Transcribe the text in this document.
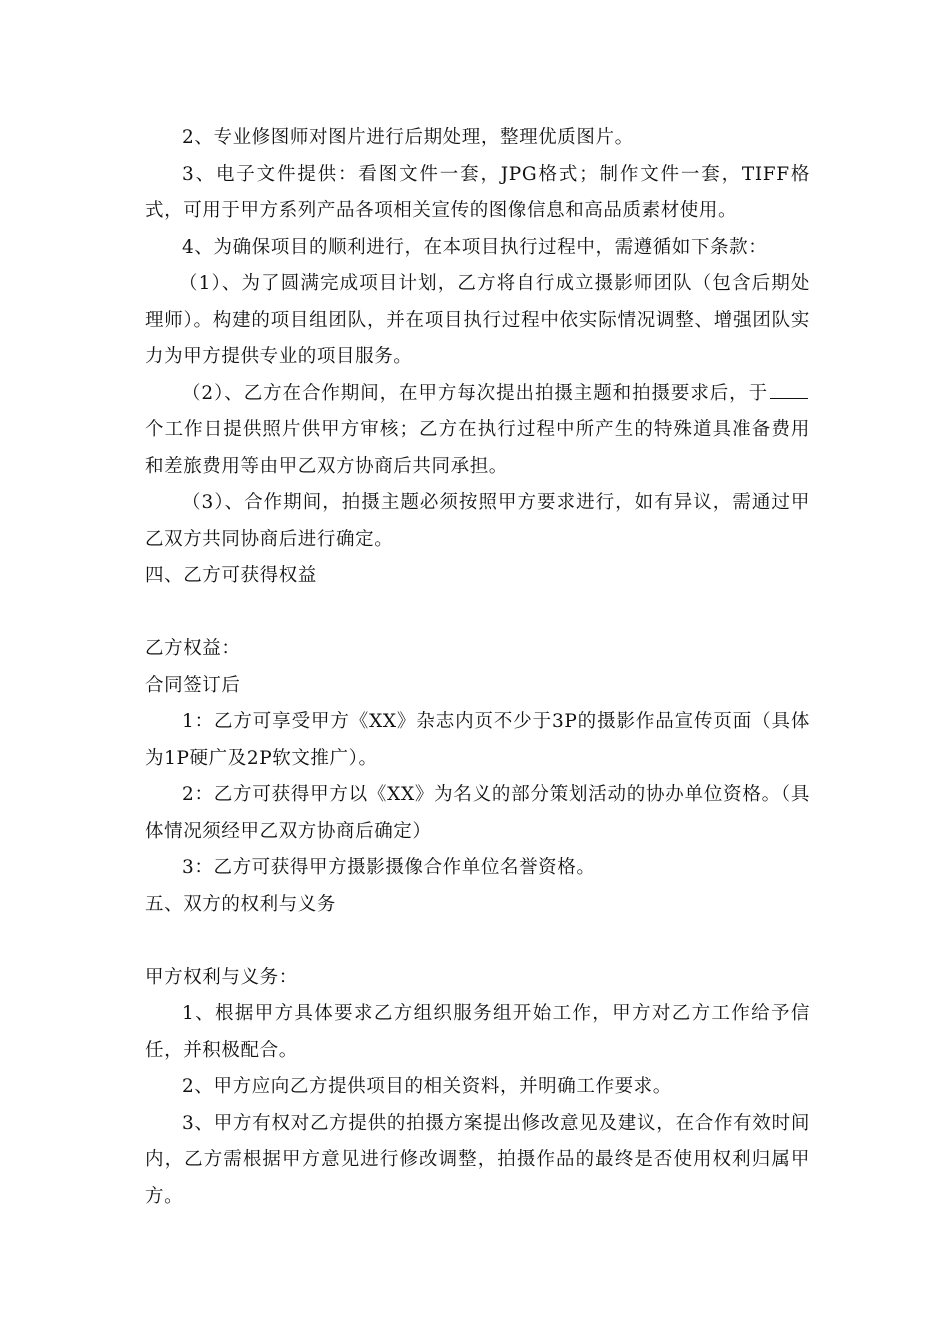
2、专业修图师对图片进行后期处理，整理优质图片。

3、电子文件提供：看图文件一套，JPG格式；制作文件一套，TIFF格式，可用于甲方系列产品各项相关宣传的图像信息和高品质素材使用。

4、为确保项目的顺利进行，在本项目执行过程中，需遵循如下条款：

（1）、为了圆满完成项目计划，乙方将自行成立摄影师团队（包含后期处理师）。构建的项目组团队，并在项目执行过程中依实际情况调整、增强团队实力为甲方提供专业的项目服务。

（2）、乙方在合作期间，在甲方每次提出拍摄主题和拍摄要求后，于个工作日提供照片供甲方审核；乙方在执行过程中所产生的特殊道具准备费用和差旅费用等由甲乙双方协商后共同承担。

（3）、合作期间，拍摄主题必须按照甲方要求进行，如有异议，需通过甲乙双方共同协商后进行确定。

四、乙方可获得权益

乙方权益：

合同签订后

1：乙方可享受甲方《XX》杂志内页不少于3P的摄影作品宣传页面（具体为1P硬广及2P软文推广）。

2：乙方可获得甲方以《XX》为名义的部分策划活动的协办单位资格。（具体情况须经甲乙双方协商后确定）

3：乙方可获得甲方摄影摄像合作单位名誉资格。

五、双方的权利与义务

甲方权利与义务：

1、根据甲方具体要求乙方组织服务组开始工作，甲方对乙方工作给予信任，并积极配合。

2、甲方应向乙方提供项目的相关资料，并明确工作要求。

3、甲方有权对乙方提供的拍摄方案提出修改意见及建议，在合作有效时间内，乙方需根据甲方意见进行修改调整，拍摄作品的最终是否使用权利归属甲方。
